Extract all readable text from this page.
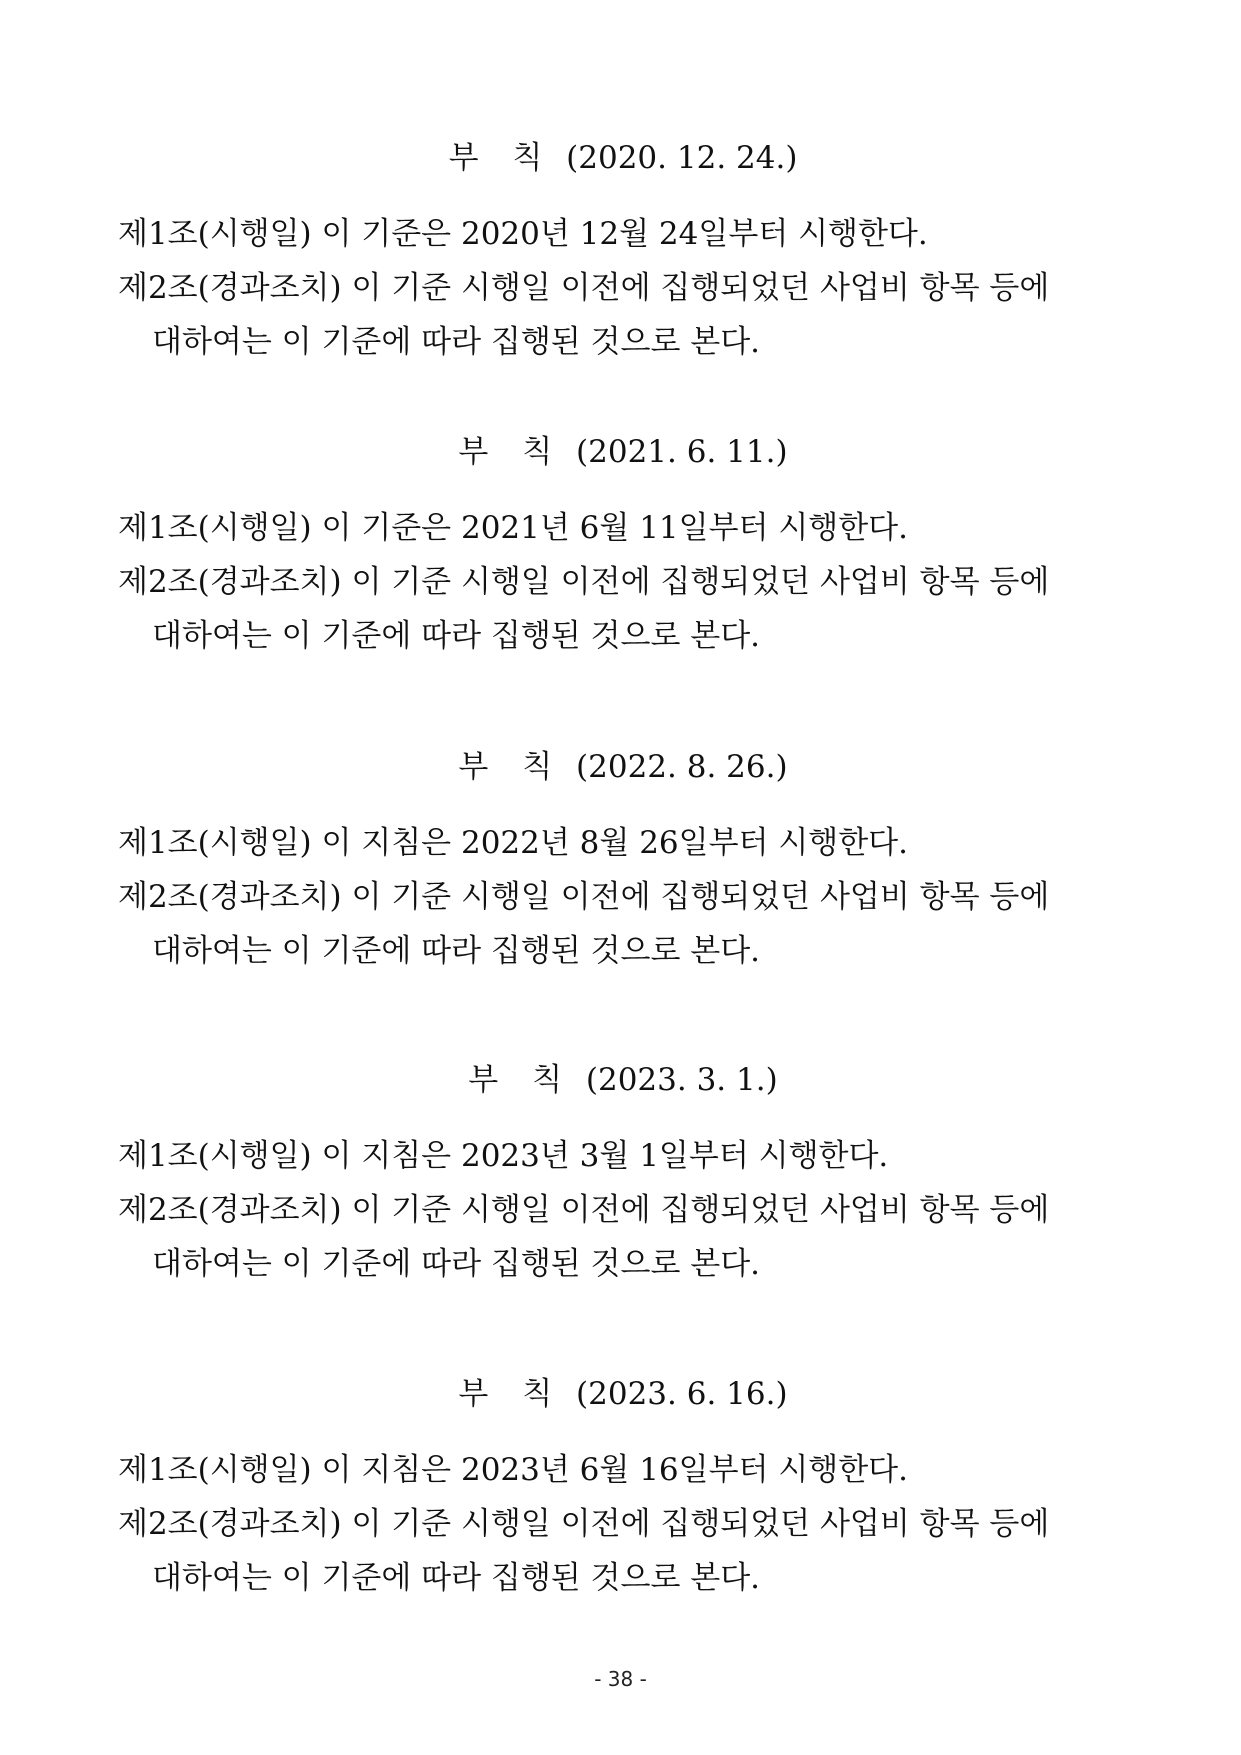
부 칙 (2020. 12. 24.)

제1조(시행일) 이 기준은 2020년 12월 24일부터 시행한다.

제2조(경과조치) 이 기준 시행일 이전에 집행되었던 사업비 항목 등에
대하여는 이 기준에 따라 집행된 것으로 본다.

부 칙 (2021. 6. 11.)

제1조(시행일) 이 기준은 2021년 6월 11일부터 시행한다.

제2조(경과조치) 이 기준 시행일 이전에 집행되었던 사업비 항목 등에
대하여는 이 기준에 따라 집행된 것으로 본다.

부 칙 (2022. 8. 26.)

제1조(시행일) 이 지침은 2022년 8월 26일부터 시행한다.

제2조(경과조치) 이 기준 시행일 이전에 집행되었던 사업비 항목 등에
대하여는 이 기준에 따라 집행된 것으로 본다.

부 칙 (2023. 3. 1.)

제1조(시행일) 이 지침은 2023년 3월 1일부터 시행한다.

제2조(경과조치) 이 기준 시행일 이전에 집행되었던 사업비 항목 등에
대하여는 이 기준에 따라 집행된 것으로 본다.

부 칙 (2023. 6. 16.)

제1조(시행일) 이 지침은 2023년 6월 16일부터 시행한다.

제2조(경과조치) 이 기준 시행일 이전에 집행되었던 사업비 항목 등에
대하여는 이 기준에 따라 집행된 것으로 본다.

- 38 -
